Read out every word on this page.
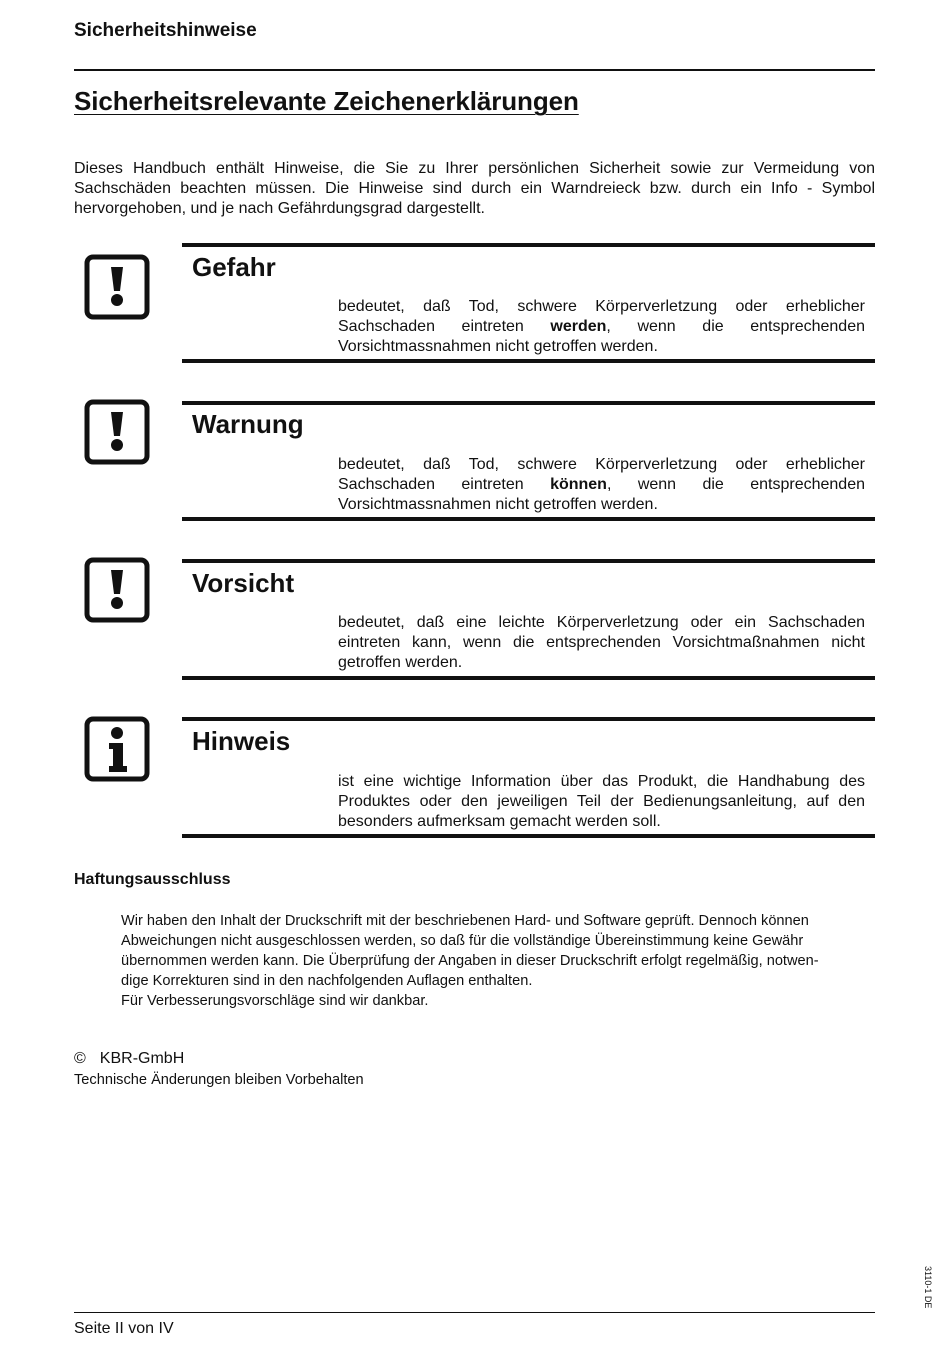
Sicherheitshinweise
Sicherheitsrelevante Zeichenerklärungen

Dieses Handbuch enthält Hinweise, die Sie zu Ihrer persönlichen Sicherheit sowie zur Vermeidung von Sachschäden beachten müssen. Die Hinweise sind durch ein Warndreieck bzw. durch ein Info - Symbol hervorgehoben, und je nach Gefährdungsgrad dargestellt.

Gefahr

bedeutet, daß Tod, schwere Körperverletzung oder erheblicher Sachschaden eintreten werden, wenn die entsprechenden Vorsichtmassnahmen nicht getroffen werden.

Warnung

bedeutet, daß Tod, schwere Körperverletzung oder erheblicher Sachschaden eintreten können, wenn die entsprechenden Vorsichtmassnahmen nicht getroffen werden.

Vorsicht

bedeutet, daß eine leichte Körperverletzung oder ein Sachschaden eintreten kann, wenn die entsprechenden Vorsichtmaßnahmen nicht getroffen werden.

Hinweis

ist eine wichtige Information über das Produkt, die Handhabung des Produktes oder den jeweiligen Teil der Bedienungsanleitung, auf den besonders aufmerksam gemacht werden soll.

Haftungsausschluss
Wir haben den Inhalt der Druckschrift mit der beschriebenen Hard- und Software geprüft. Dennoch können
Abweichungen nicht ausgeschlossen werden, so daß für die vollständige Übereinstimmung keine Gewähr
übernommen werden kann. Die Überprüfung der Angaben in dieser Druckschrift erfolgt regelmäßig, notwen-
dige Korrekturen sind in den nachfolgenden Auflagen enthalten.
Für Verbesserungsvorschläge sind wir dankbar.
© KBR-GmbH
Technische Änderungen bleiben Vorbehalten
3110-1 DE
Seite II von IV
